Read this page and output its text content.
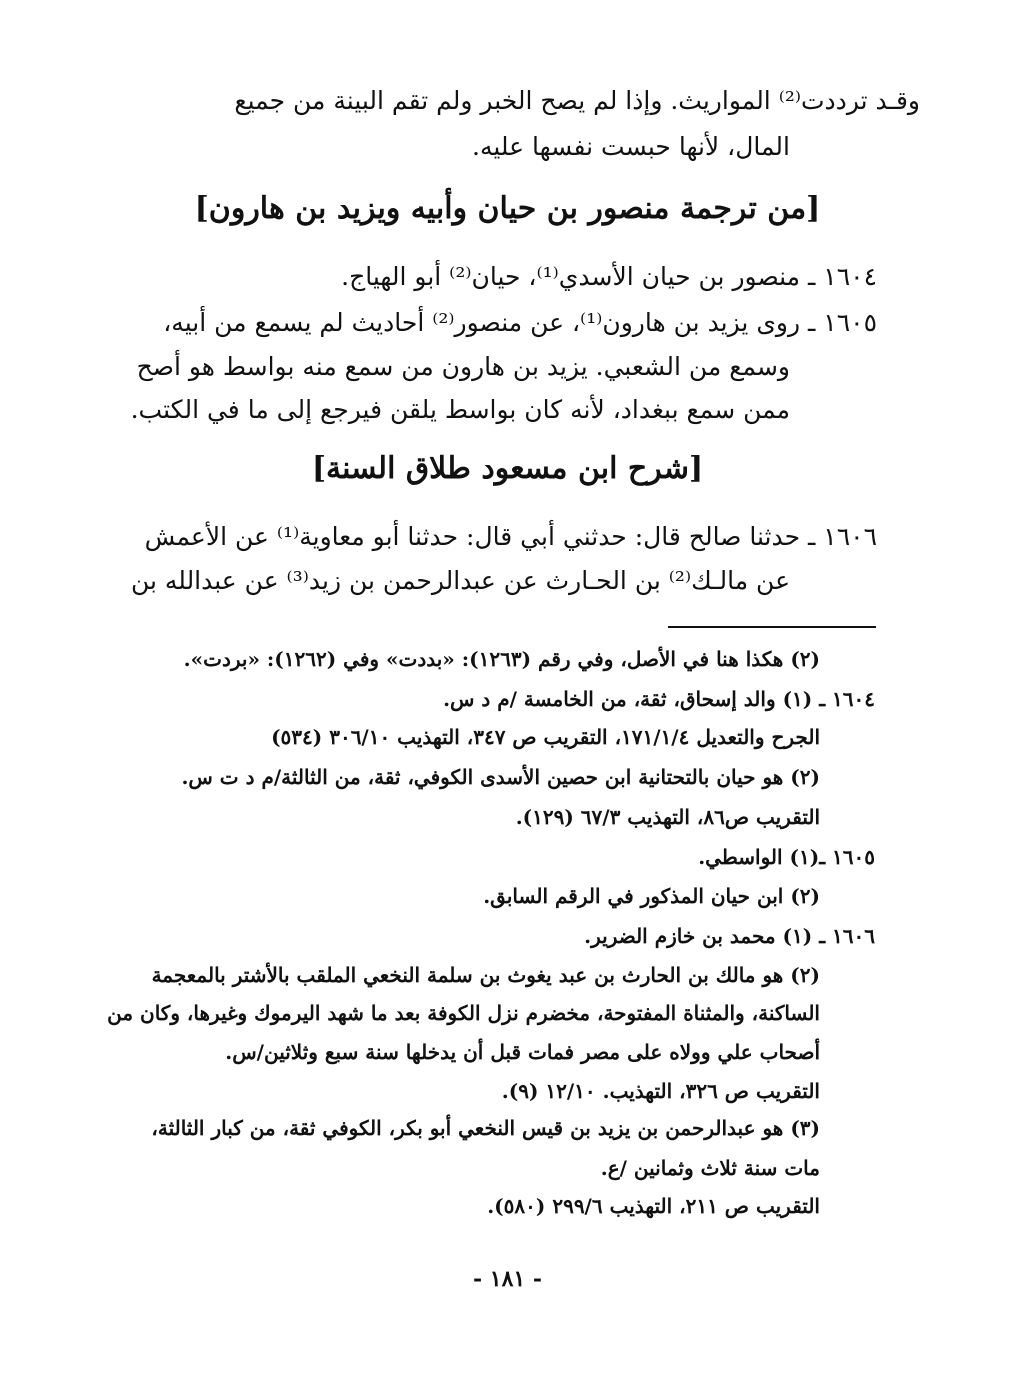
وقـد ترددت⁽²⁾ المواريث. وإذا لم يصح الخبر ولم تقم البينة من جميع
المال، لأنها حبست نفسها عليه.
[من ترجمة منصور بن حيان وأبيه ويزيد بن هارون]
١٦٠٤ ـ منصور بن حيان الأسدي⁽¹⁾، حيان⁽²⁾ أبو الهياج.
١٦٠٥ ـ روى يزيد بن هارون⁽¹⁾، عن منصور⁽²⁾ أحاديث لم يسمع من أبيه،
وسمع من الشعبي. يزيد بن هارون من سمع منه بواسط هو أصح
ممن سمع ببغداد، لأنه كان بواسط يلقن فيرجع إلى ما في الكتب.
[شرح ابن مسعود طلاق السنة]
١٦٠٦ ـ حدثنا صالح قال: حدثني أبي قال: حدثنا أبو معاوية⁽¹⁾ عن الأعمش
عن مالـك⁽²⁾ بن الحـارث عن عبدالرحمن بن زيد⁽³⁾ عن عبدالله بن
(٢) هكذا هنا في الأصل، وفي رقم (١٢٦٣): «بددت» وفي (١٢٦٢): «بردت».
١٦٠٤ ـ (١) والد إسحاق، ثقة، من الخامسة /م د س.
الجرح والتعديل ١٧١/١/٤، التقريب ص ٣٤٧، التهذيب ٣٠٦/١٠ (٥٣٤)
(٢) هو حيان بالتحتانية ابن حصين الأسدى الكوفي، ثقة، من الثالثة/م د ت س.
التقريب ص٨٦، التهذيب ٦٧/٣ (١٢٩).
١٦٠٥ ـ(١) الواسطي.
(٢) ابن حيان المذكور في الرقم السابق.
١٦٠٦ ـ (١) محمد بن خازم الضرير.
(٢) هو مالك بن الحارث بن عبد يغوث بن سلمة النخعي الملقب بالأشتر بالمعجمة
الساكنة، والمثناة المفتوحة، مخضرم نزل الكوفة بعد ما شهد اليرموك وغيرها، وكان من
أصحاب علي وولاه على مصر فمات قبل أن يدخلها سنة سبع وثلاثين/س.
التقريب ص ٣٢٦، التهذيب. ١٢/١٠ (٩).
(٣) هو عبدالرحمن بن يزيد بن قيس النخعي أبو بكر، الكوفي ثقة، من كبار الثالثة،
مات سنة ثلاث وثمانين /ع.
التقريب ص ٢١١، التهذيب ٢٩٩/٦ (٥٨٠).
- ١٨١ -
